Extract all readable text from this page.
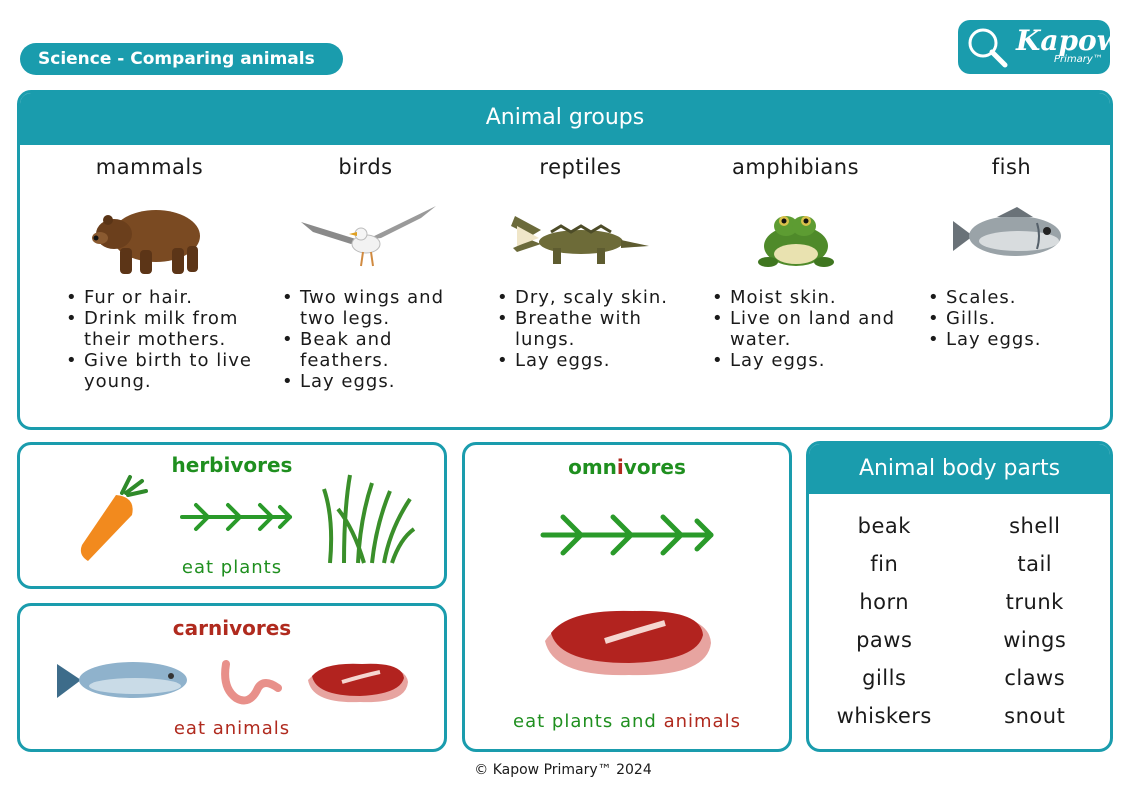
Science - Comparing animals
Kapow
Primary™
Animal groups
mammals
• Fur or hair.
• Drink milk from their mothers.
• Give birth to live young.
birds
• Two wings and two legs.
• Beak and feathers.
• Lay eggs.
reptiles
• Dry, scaly skin.
• Breathe with lungs.
• Lay eggs.
amphibians
• Moist skin.
• Live on land and water.
• Lay eggs.
fish
• Scales.
• Gills.
• Lay eggs.
herbivores
eat plants
carnivores
eat animals
omnivores
eat plants and animals
Animal body parts
beak	shell
fin	tail
horn	trunk
paws	wings
gills	claws
whiskers	snout
© Kapow Primary™ 2024
